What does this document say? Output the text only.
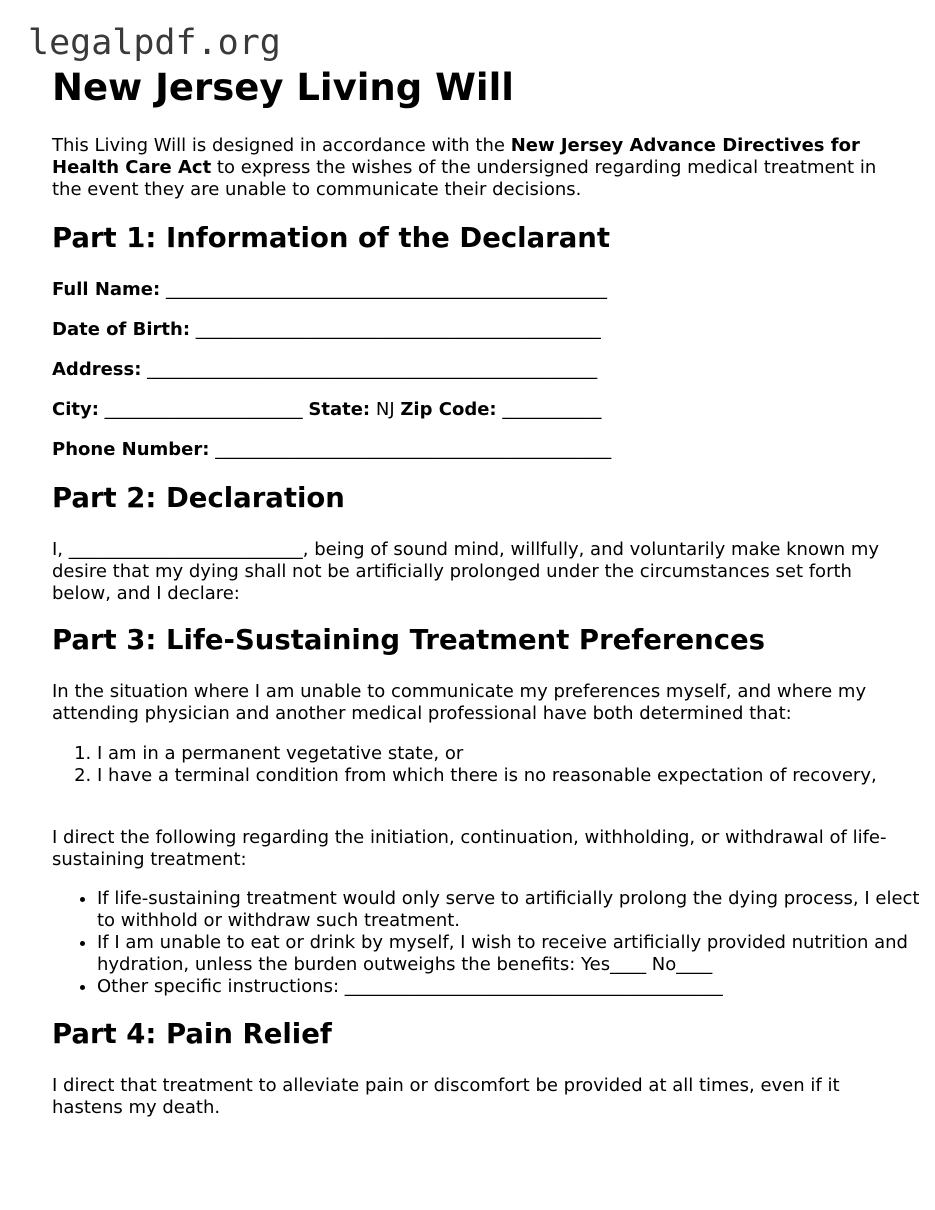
legalpdf.org
New Jersey Living Will

This Living Will is designed in accordance with the New Jersey Advance Directives for Health Care Act to express the wishes of the undersigned regarding medical treatment in the event they are unable to communicate their decisions.

Part 1: Information of the Declarant
Full Name: _________________________________________________
Date of Birth: _____________________________________________
Address: __________________________________________________
City: ______________________ State: NJ Zip Code: ___________
Phone Number: ____________________________________________
Part 2: Declaration

I, __________________________, being of sound mind, willfully, and voluntarily make known my desire that my dying shall not be artificially prolonged under the circumstances set forth below, and I declare:

Part 3: Life-Sustaining Treatment Preferences

In the situation where I am unable to communicate my preferences myself, and where my attending physician and another medical professional have both determined that:

1. I am in a permanent vegetative state, or
2. I have a terminal condition from which there is no reasonable expectation of recovery,

I direct the following regarding the initiation, continuation, withholding, or withdrawal of life-sustaining treatment:

• If life-sustaining treatment would only serve to artificially prolong the dying process, I elect to withhold or withdraw such treatment.
• If I am unable to eat or drink by myself, I wish to receive artificially provided nutrition and hydration, unless the burden outweighs the benefits: Yes____ No____
• Other specific instructions: __________________________________________
Part 4: Pain Relief

I direct that treatment to alleviate pain or discomfort be provided at all times, even if it hastens my death.
